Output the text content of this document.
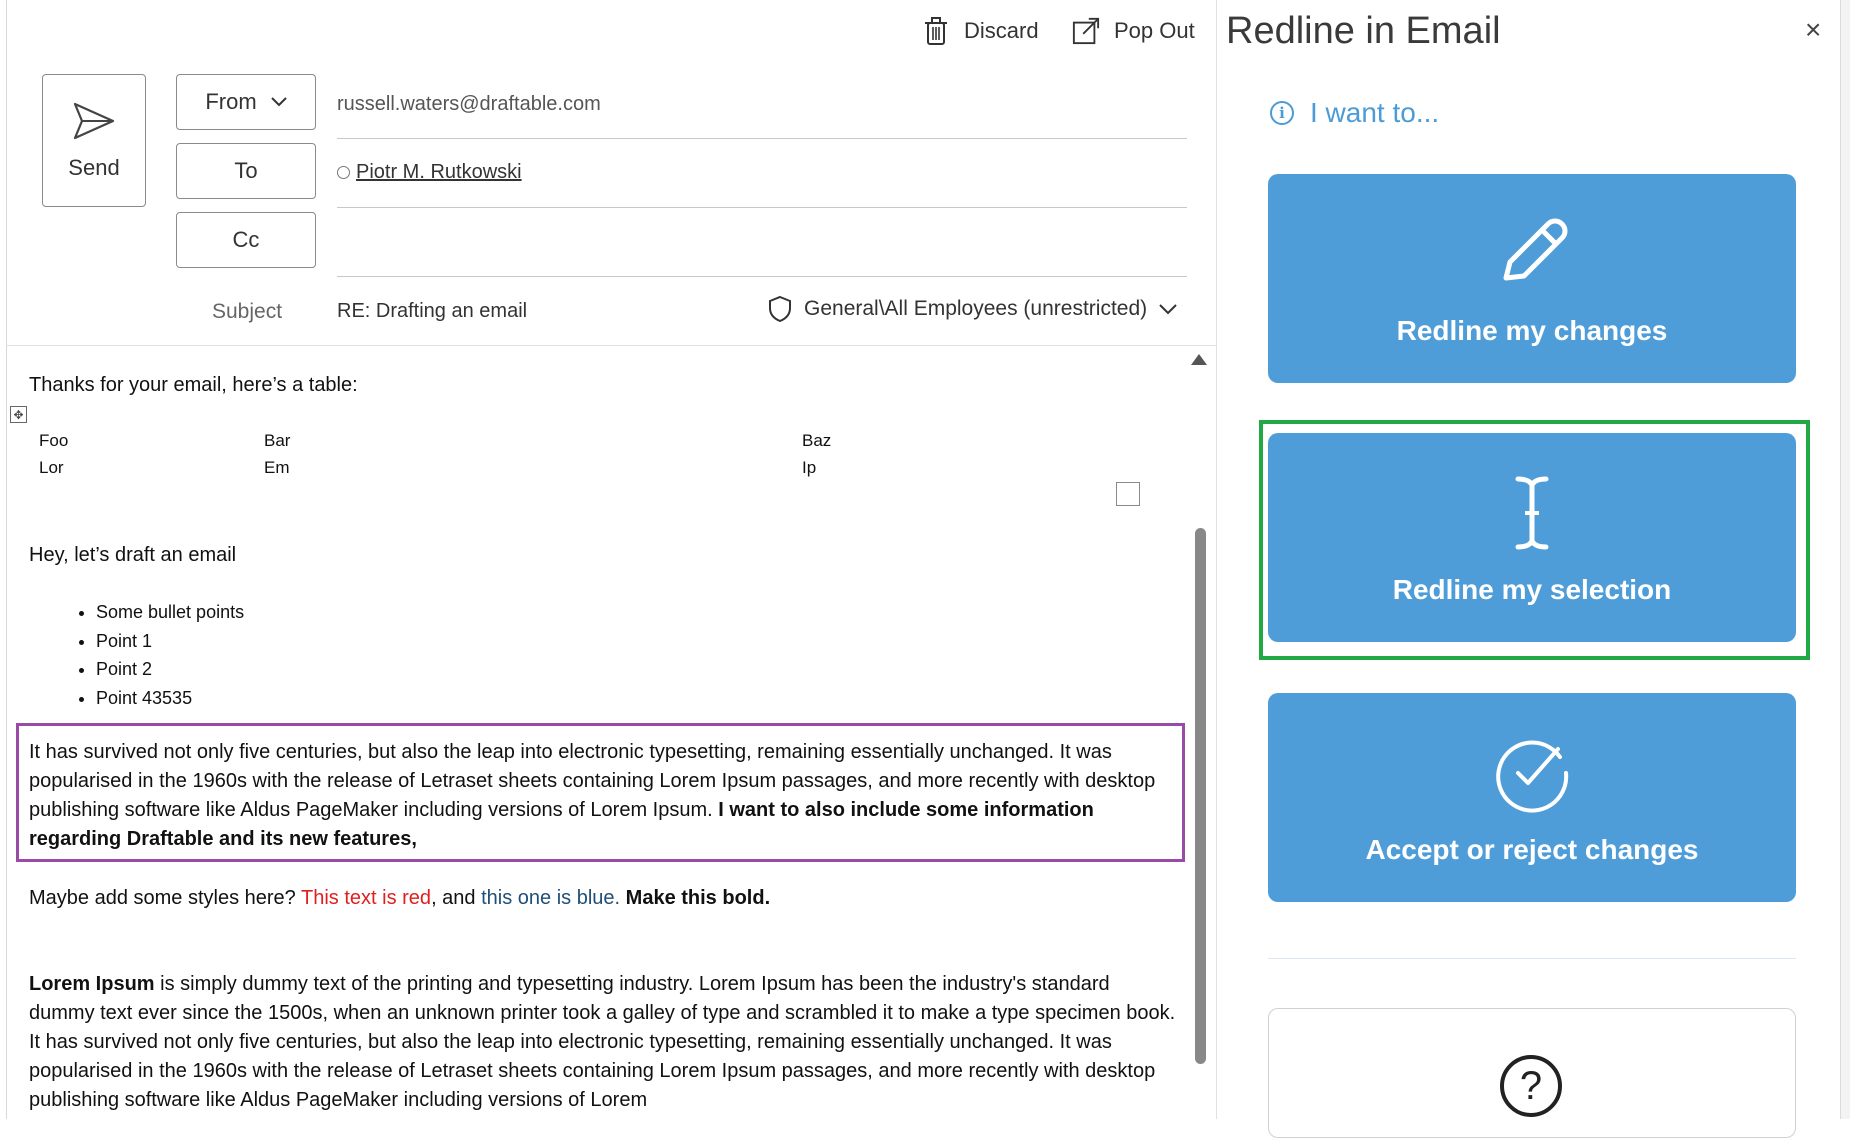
Discard	Pop Out
Send
From	russell.waters@draftable.com
To	Piotr M. Rutkowski
Cc
Subject	RE: Drafting an email	General\All Employees (unrestricted)
Thanks for your email, here’s a table:
✥
Foo	Bar	Baz
Lor	Em	Ip
Hey, let’s draft an email
• Some bullet points
• Point 1
• Point 2
• Point 43535
It has survived not only five centuries, but also the leap into electronic typesetting, remaining essentially unchanged. It was popularised in the 1960s with the release of Letraset sheets containing Lorem Ipsum passages, and more recently with desktop publishing software like Aldus PageMaker including versions of Lorem Ipsum. I want to also include some information regarding Draftable and its new features,
Maybe add some styles here? This text is red, and this one is blue. Make this bold.
Lorem Ipsum is simply dummy text of the printing and typesetting industry. Lorem Ipsum has been the industry's standard dummy text ever since the 1500s, when an unknown printer took a galley of type and scrambled it to make a type specimen book. It has survived not only five centuries, but also the leap into electronic typesetting, remaining essentially unchanged. It was popularised in the 1960s with the release of Letraset sheets containing Lorem Ipsum passages, and more recently with desktop publishing software like Aldus PageMaker including versions of Lorem
Redline in Email	×
i I want to...
Redline my changes
Redline my selection
Accept or reject changes
?
